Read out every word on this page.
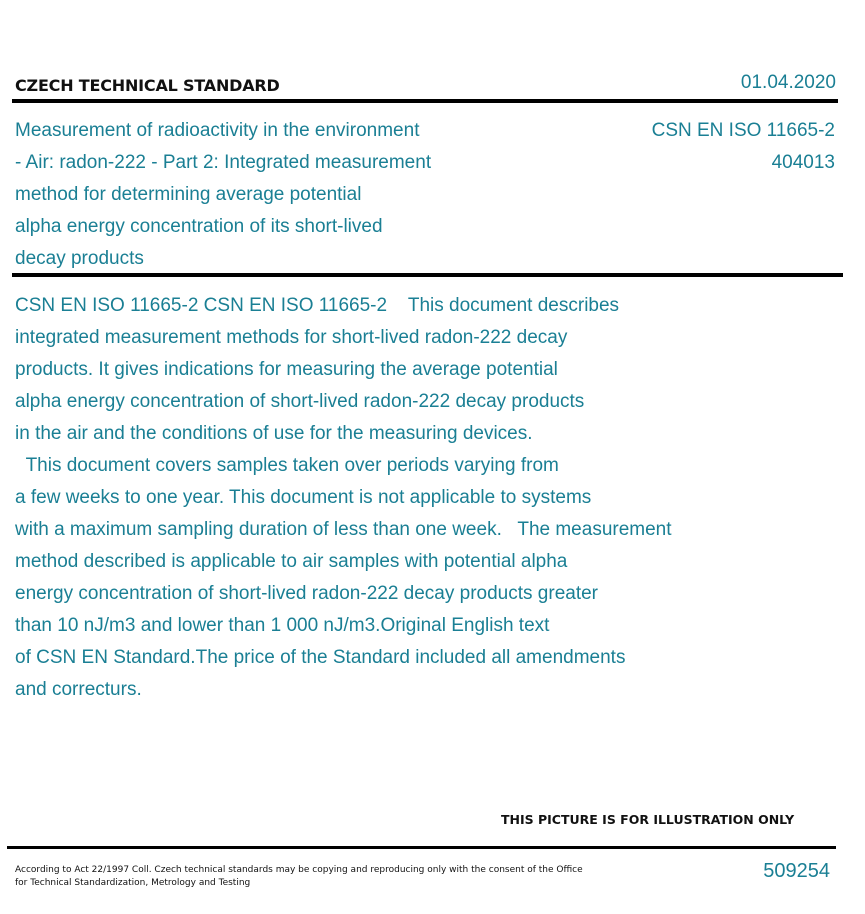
CZECH TECHNICAL STANDARD	01.04.2020
Measurement of radioactivity in the environment
- Air: radon-222 - Part 2: Integrated measurement
method for determining average potential
alpha energy concentration of its short-lived
decay products
CSN EN ISO 11665-2
404013
CSN EN ISO 11665-2 CSN EN ISO 11665-2    This document describes
integrated measurement methods for short-lived radon-222 decay
products. It gives indications for measuring the average potential
alpha energy concentration of short-lived radon-222 decay products
in the air and the conditions of use for the measuring devices.
This document covers samples taken over periods varying from
a few weeks to one year. This document is not applicable to systems
with a maximum sampling duration of less than one week.   The measurement
method described is applicable to air samples with potential alpha
energy concentration of short-lived radon-222 decay products greater
than 10 nJ/m3 and lower than 1 000 nJ/m3.Original English text
of CSN EN Standard.The price of the Standard included all amendments
and correcturs.
THIS PICTURE IS FOR ILLUSTRATION ONLY
According to Act 22/1997 Coll. Czech technical standards may be copying and reproducing only with the consent of the Office
for Technical Standardization, Metrology and Testing
509254
